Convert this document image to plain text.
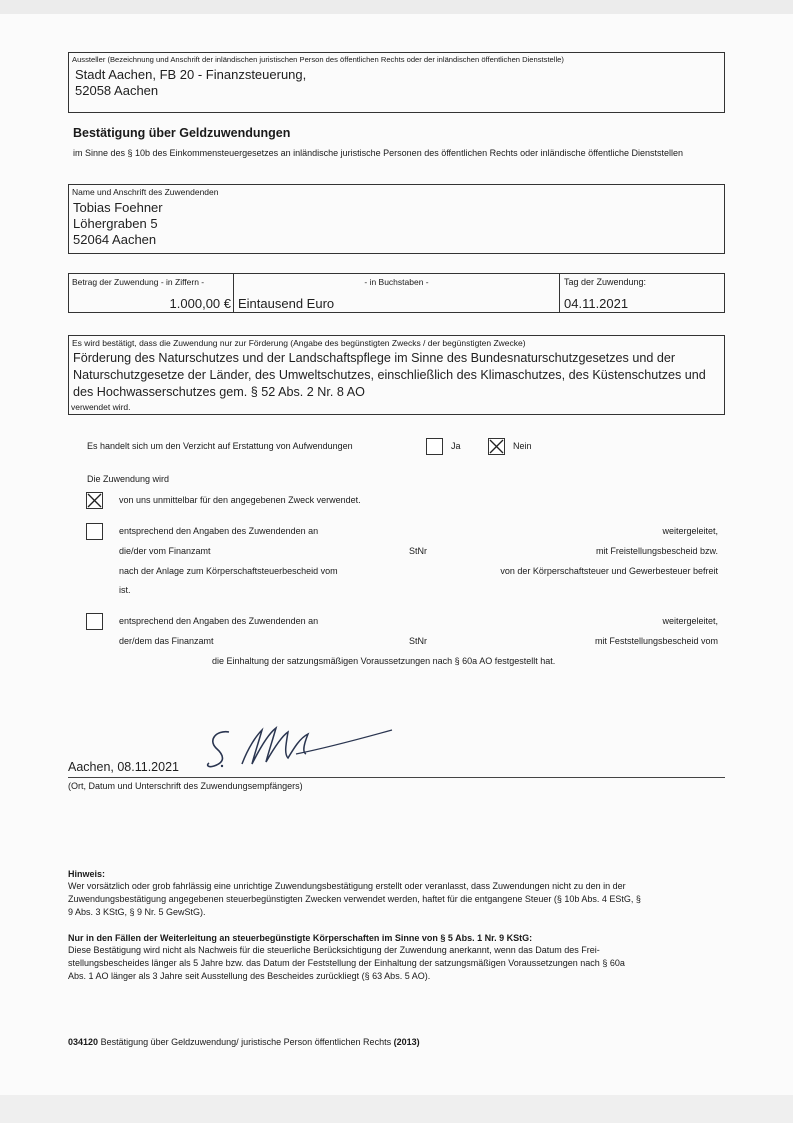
Aussteller (Bezeichnung und Anschrift der inländischen juristischen Person des öffentlichen Rechts oder der inländischen öffentlichen Dienststelle)
Stadt Aachen, FB 20 - Finanzsteuerung,
52058 Aachen
Bestätigung über Geldzuwendungen
im Sinne des § 10b des Einkommensteuergesetzes an inländische juristische Personen des öffentlichen Rechts oder inländische öffentliche Dienststellen
Name und Anschrift des Zuwendenden
Tobias Foehner
Löhergraben 5
52064 Aachen
Betrag der Zuwendung - in Ziffern -
1.000,00 €
- in Buchstaben -
Eintausend Euro
Tag der Zuwendung:
04.11.2021
Es wird bestätigt, dass die Zuwendung nur zur Förderung (Angabe des begünstigten Zwecks / der begünstigten Zwecke)
Förderung des Naturschutzes und der Landschaftspflege im Sinne des Bundesnaturschutzgesetzes und der
Naturschutzgesetze der Länder, des Umweltschutzes, einschließlich des Klimaschutzes, des Küstenschutzes und
des Hochwasserschutzes gem. § 52 Abs. 2 Nr. 8 AO
verwendet wird.
Es handelt sich um den Verzicht auf Erstattung von Aufwendungen	Ja	Nein
Die Zuwendung wird
von uns unmittelbar für den angegebenen Zweck verwendet.
entsprechend den Angaben des Zuwendenden an	weitergeleitet,
die/der vom Finanzamt	StNr	mit Freistellungsbescheid bzw.
nach der Anlage zum Körperschaftsteuerbescheid vom	von der Körperschaftsteuer und Gewerbesteuer befreit
ist.
entsprechend den Angaben des Zuwendenden an	weitergeleitet,
der/dem das Finanzamt	StNr	mit Feststellungsbescheid vom
die Einhaltung der satzungsmäßigen Voraussetzungen nach § 60a AO festgestellt hat.
Aachen, 08.11.2021
(Ort, Datum und Unterschrift des Zuwendungsempfängers)
Hinweis:
Wer vorsätzlich oder grob fahrlässig eine unrichtige Zuwendungsbestätigung erstellt oder veranlasst, dass Zuwendungen nicht zu den in der
Zuwendungsbestätigung angegebenen steuerbegünstigten Zwecken verwendet werden, haftet für die entgangene Steuer (§ 10b Abs. 4 EStG, §
9 Abs. 3 KStG, § 9 Nr. 5 GewStG).
Nur in den Fällen der Weiterleitung an steuerbegünstigte Körperschaften im Sinne von § 5 Abs. 1 Nr. 9 KStG:
Diese Bestätigung wird nicht als Nachweis für die steuerliche Berücksichtigung der Zuwendung anerkannt, wenn das Datum des Frei-
stellungsbescheides länger als 5 Jahre bzw. das Datum der Feststellung der Einhaltung der satzungsmäßigen Voraussetzungen nach § 60a
Abs. 1 AO länger als 3 Jahre seit Ausstellung des Bescheides zurückliegt (§ 63 Abs. 5 AO).
034120 Bestätigung über Geldzuwendung/ juristische Person öffentlichen Rechts (2013)
